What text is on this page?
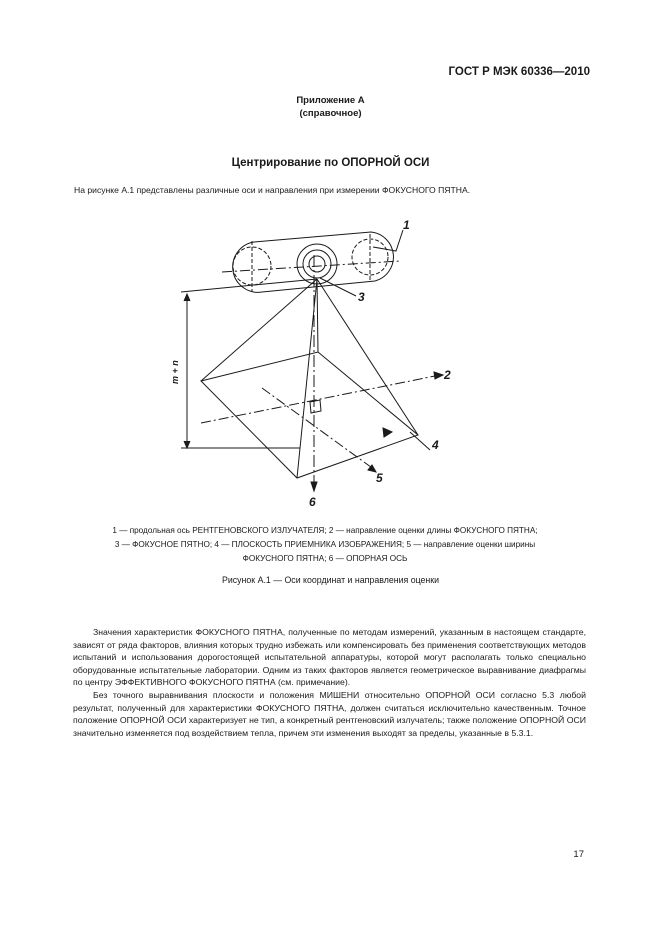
ГОСТ Р МЭК 60336—2010
Приложение А
(справочное)
Центрирование по ОПОРНОЙ ОСИ
На рисунке А.1 представлены различные оси и направления при измерении ФОКУСНОГО ПЯТНА.
1
2
3
4
5
6
m + n
1 — продольная ось РЕНТГЕНОВСКОГО ИЗЛУЧАТЕЛЯ; 2 — направление оценки длины ФОКУСНОГО ПЯТНА;
3 — ФОКУСНОЕ ПЯТНО; 4 — ПЛОСКОСТЬ ПРИЕМНИКА ИЗОБРАЖЕНИЯ; 5 — направление оценки ширины
ФОКУСНОГО ПЯТНА; 6 — ОПОРНАЯ ОСЬ
Рисунок А.1 — Оси координат и направления оценки

Значения характеристик ФОКУСНОГО ПЯТНА, полученные по методам измерений, указанным в настоящем стандарте, зависят от ряда факторов, влияния которых трудно избежать или компенсировать без применения соответствующих методов испытаний и использования дорогостоящей испытательной аппаратуры, которой могут располагать только специально оборудованные испытательные лаборатории. Одним из таких факторов является геометрическое выравнивание диафрагмы по центру ЭФФЕКТИВНОГО ФОКУСНОГО ПЯТНА (см. примечание).

Без точного выравнивания плоскости и положения МИШЕНИ относительно ОПОРНОЙ ОСИ согласно 5.3 любой результат, полученный для характеристики ФОКУСНОГО ПЯТНА, должен считаться исключительно качественным. Точное положение ОПОРНОЙ ОСИ характеризует не тип, а конкретный рентгеновский излучатель; также положение ОПОРНОЙ ОСИ значительно изменяется под воздействием тепла, причем эти изменения выходят за пределы, указанные в 5.3.1.

17
